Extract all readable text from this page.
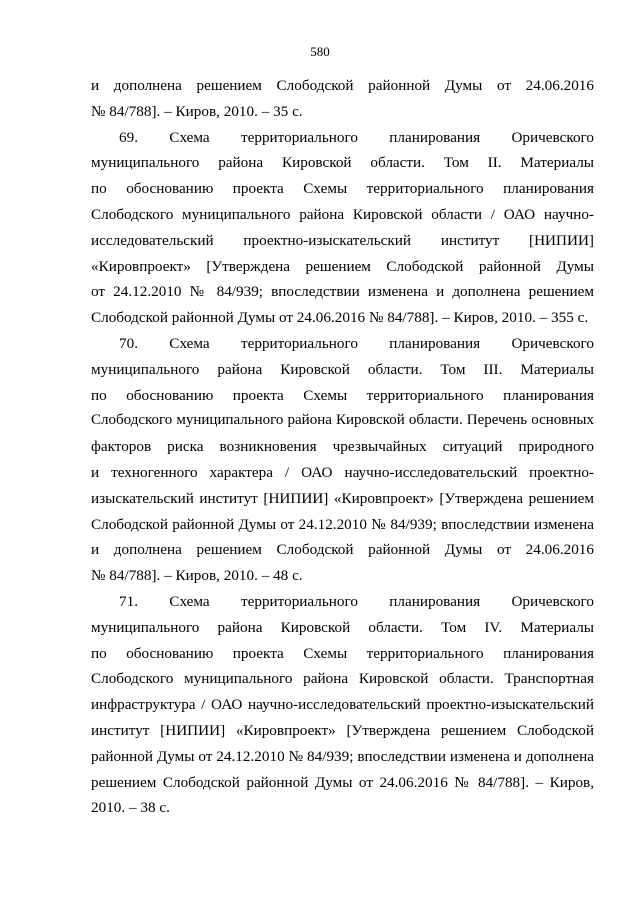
580
и дополнена решением Слободской районной Думы от 24.06.2016
№ 84/788]. – Киров, 2010. – 35 с.
69. Схема территориального планирования Оричевского
муниципального района Кировской области. Том II. Материалы
по обоснованию проекта Схемы территориального планирования
Слободского муниципального района Кировской области / ОАО научно-
исследовательский проектно-изыскательский институт [НИПИИ]
«Кировпроект» [Утверждена решением Слободской районной Думы
от 24.12.2010 № 84/939; впоследствии изменена и дополнена решением
Слободской районной Думы от 24.06.2016 № 84/788]. – Киров, 2010. – 355 с.
70. Схема территориального планирования Оричевского
муниципального района Кировской области. Том III. Материалы
по обоснованию проекта Схемы территориального планирования
Слободского муниципального района Кировской области. Перечень основных
факторов риска возникновения чрезвычайных ситуаций природного
и техногенного характера / ОАО научно-исследовательский проектно-
изыскательский институт [НИПИИ] «Кировпроект» [Утверждена решением
Слободской районной Думы от 24.12.2010 № 84/939; впоследствии изменена
и дополнена решением Слободской районной Думы от 24.06.2016
№ 84/788]. – Киров, 2010. – 48 с.
71. Схема территориального планирования Оричевского
муниципального района Кировской области. Том IV. Материалы
по обоснованию проекта Схемы территориального планирования
Слободского муниципального района Кировской области. Транспортная
инфраструктура / ОАО научно-исследовательский проектно-изыскательский
институт [НИПИИ] «Кировпроект» [Утверждена решением Слободской
районной Думы от 24.12.2010 № 84/939; впоследствии изменена и дополнена
решением Слободской районной Думы от 24.06.2016 № 84/788]. – Киров,
2010. – 38 с.
